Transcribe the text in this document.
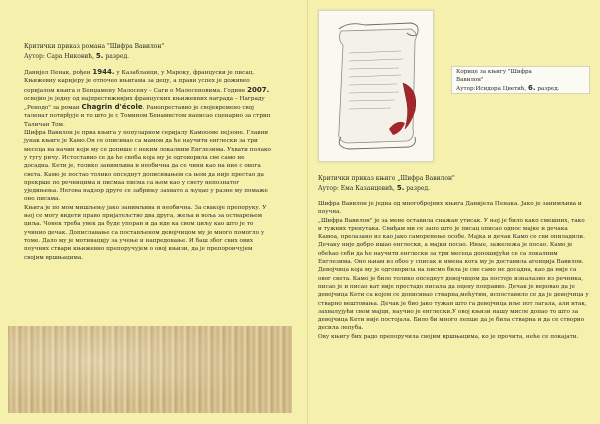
Критички приказ романа "Шифра Вавилон"

Аутор: Сара Никовић, 5. разред.

Данијел Пенак, рођен 1944. у Казабланци, у Мароку, француски је писац. Књижевну каријеру је отпочео књигама за децу, а прави успех је доживео серијалом књига о Бенџамену Малосену – Саги о Малосеновима. Године 2007. освојио је једну од најпрестижнијих француских књижевних награда – Награду „Ренодо" за роман Chagrin d'école. Ранопреставио је својевремено свој таленат потврђује и то што је с Томином Бенамнстом написао сценарио за стрип Таличан Том.

Шифра Вавилон је прва књига у популарном серијалу Камооове пејзоне. Главни јунак књиге је Камо.Он се описивао са мамом да ће научити енглески за три месеца на начин који му се допише с неким локалним Енглезима. Ухвати полако у тугу ричу. Истоставио се да ће своба која му је одговорила све само не досадна. Кети је, толико занимљива и необична да се чини као на ние с овога света. Камо је постао толико опседнут дописивањем са њом да није престао да прекрше по речницима и писмаа писма са њом као у свету непознатог уједињења. Негова надзор друге се забрињу захвато а љуцао у разне му помаже оно писама.

Књига је по мом мишљењу јако занимљива и необична. За свакоје препоруку. У њој се могу видети право пријатељство два друга, жеља и воља за остварењем циља. Чонек треба увек да буде упоран и да иде ка свом циљу као што је то учинио дечак. Допиславање са постављеном девојчицом му је много помогло у томе. Дало му је мотивацију за учење и напредовање. И баш због свих ових поучних ствари књижевно препоручујем о овој књизи, да је препорончујем својим вршњацима.

Корице за књигу "Шифра
Вавилон"
Аутор:Исидора Цветић, 6. разред.

Критички приказ књиге „Шифра Вавилон"

Аутор: Ема Казанцевић, 5. разред.

Шифра Вавилон је једна од многобројних књига Данијела Пенака. Јако је занимљива и поучна.

„Шифра Вавилон" је за мене оставила снажан утисак. У њој је било како смешних, тако и тужних тренутака. Свиђам ми се запо што је писац описао однос мајке и дечака Камоа, прелазано из као јако саморенење особе. Мајка и дечак Камо се сви опиладили. Дечаку није добро ишао енглески, а мајки посао. Иные, зажележа је посао. Камо је обећао себи да ће научити енглески за три месеца допошијући се са локалним Енглезима. Оно њиам из обоо у списак и имена кога му је доставила агенција Вавилон. Девојчица која му је одговорила на писмо била је све само не досадна, као да није са овог света. Камо је било толико опседнут девојчицом да постоје изналазио из речника, писао је и писао кат није престадо писала да оцену поправио. Дечак је веровао да је девојчица Кети са којом се дописивао стварна,мећутим, испоставило се да је девојчица у стварно вештовања. Дечак је био јако тужан што га девојчица иље пот лагала, али итак, захвалујући свом мајци, научио је енглески.У овој књизи нашу мисле допао то што за девојчица Кети није постојала. Било би много лепше да је била стварна и да се створио десила лепуба.

Ову књигу бих радо препоручила својим вршњацима, ко је прочита, неће се покајати.
